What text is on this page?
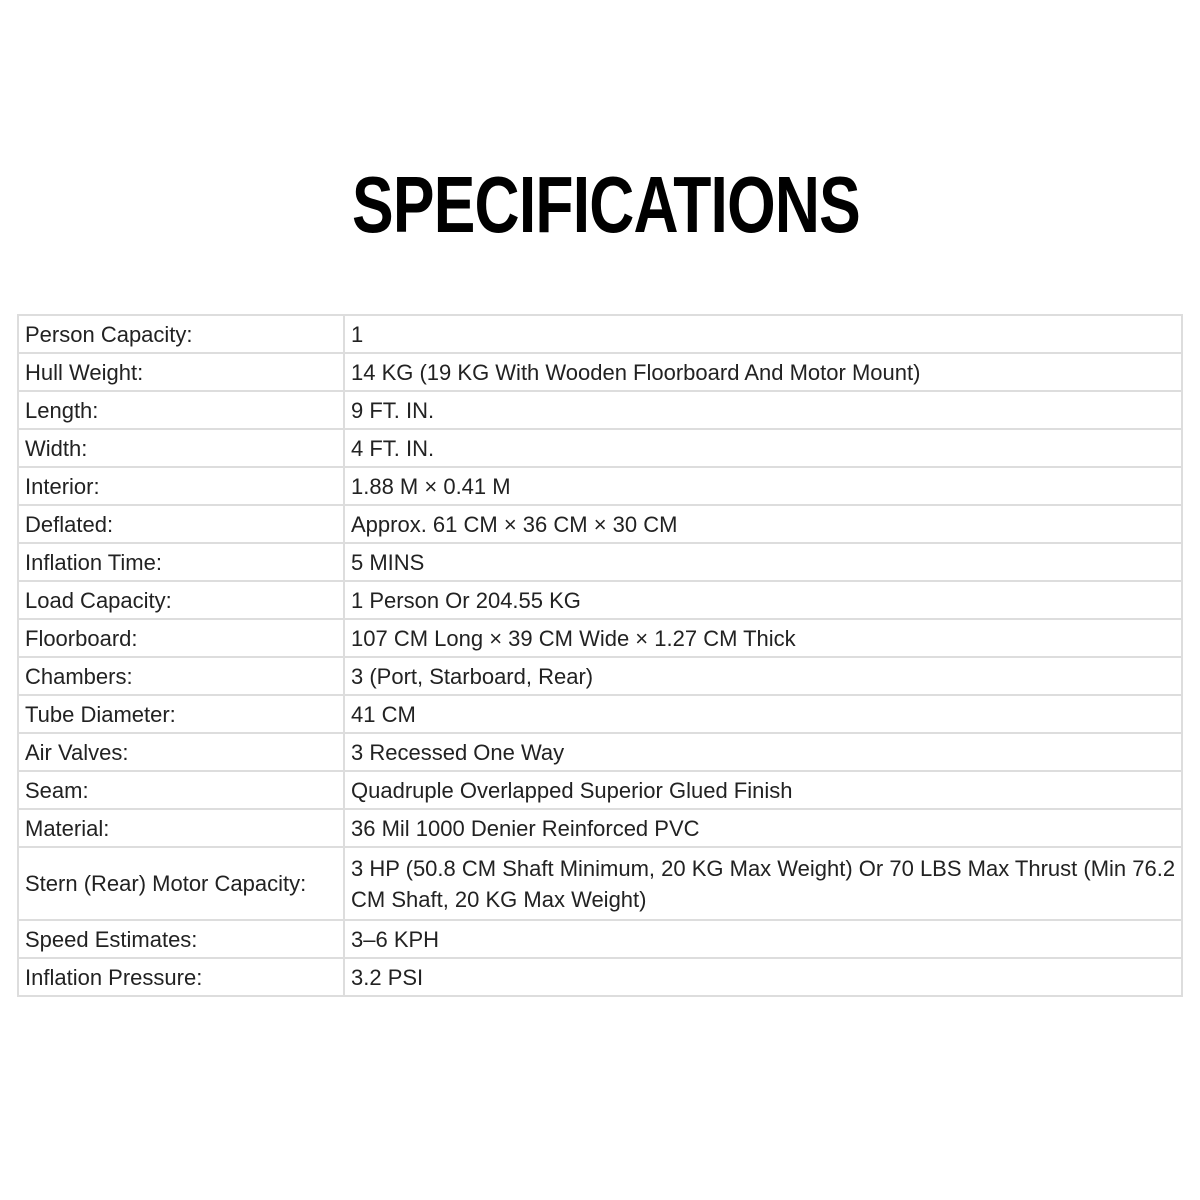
SPECIFICATIONS
Person Capacity:	1
Hull Weight:	14 KG (19 KG With Wooden Floorboard And Motor Mount)
Length:	9 FT. IN.
Width:	4 FT. IN.
Interior:	1.88 M × 0.41 M
Deflated:	Approx. 61 CM × 36 CM × 30 CM
Inflation Time:	5 MINS
Load Capacity:	1 Person Or 204.55 KG
Floorboard:	107 CM Long × 39 CM Wide × 1.27 CM Thick
Chambers:	3 (Port, Starboard, Rear)
Tube Diameter:	41 CM
Air Valves:	3 Recessed One Way
Seam:	Quadruple Overlapped Superior Glued Finish
Material:	36 Mil 1000 Denier Reinforced PVC
Stern (Rear) Motor Capacity:	3 HP (50.8 CM Shaft Minimum, 20 KG Max Weight) Or 70 LBS Max Thrust (Min 76.2 CM Shaft, 20 KG Max Weight)
Speed Estimates:	3–6 KPH
Inflation Pressure:	3.2 PSI
